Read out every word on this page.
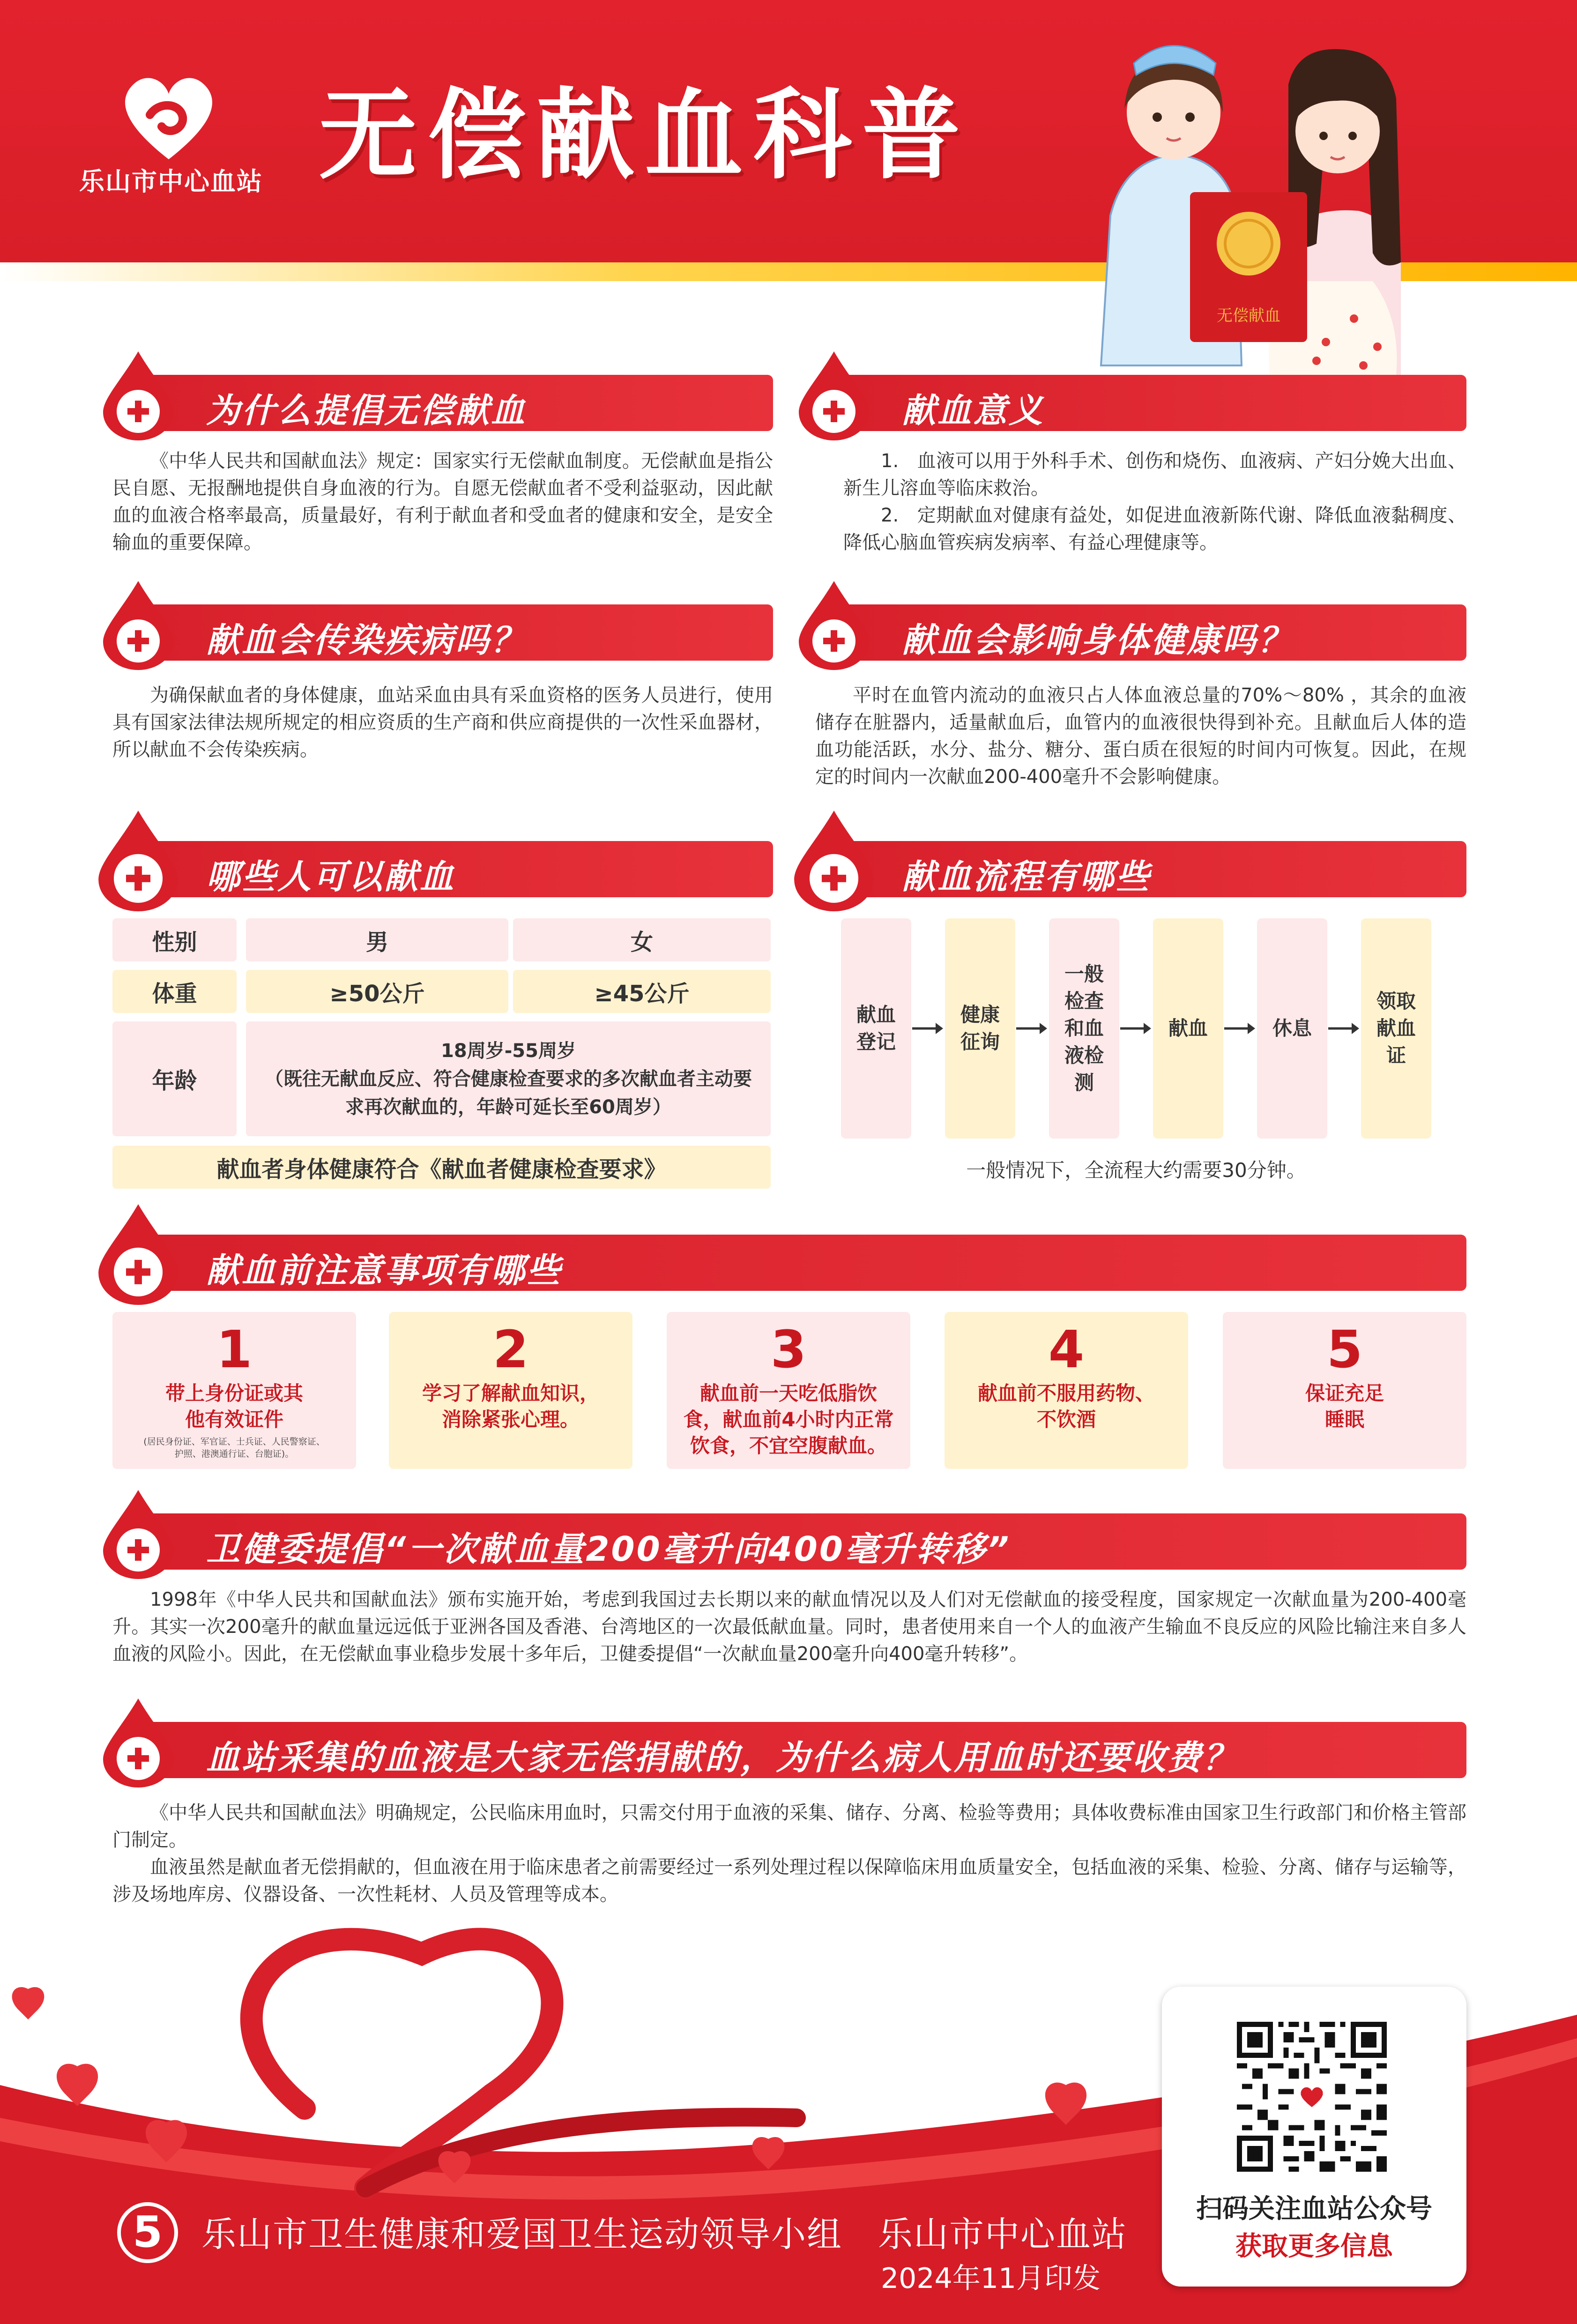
乐山市中心血站 无偿献血科普
无偿献血
为什么提倡无偿献血

《中华人民共和国献血法》规定：国家实行无偿献血制度。无偿献血是指公民自愿、无报酬地提供自身血液的行为。自愿无偿献血者不受利益驱动，因此献血的血液合格率最高，质量最好，有利于献血者和受血者的健康和安全，是安全输血的重要保障。

献血意义

1.   血液可以用于外科手术、创伤和烧伤、血液病、产妇分娩大出血、新生儿溶血等临床救治。

2.   定期献血对健康有益处，如促进血液新陈代谢、降低血液黏稠度、降低心脑血管疾病发病率、有益心理健康等。

献血会传染疾病吗？

为确保献血者的身体健康，血站采血由具有采血资格的医务人员进行，使用具有国家法律法规所规定的相应资质的生产商和供应商提供的一次性采血器材，所以献血不会传染疾病。

献血会影响身体健康吗？

平时在血管内流动的血液只占人体血液总量的70%～80% ，其余的血液储存在脏器内，适量献血后，血管内的血液很快得到补充。且献血后人体的造血功能活跃，水分、盐分、糖分、蛋白质在很短的时间内可恢复。因此，在规定的时间内一次献血200-400毫升不会影响健康。

哪些人可以献血
性别	男	女
体重	≥50公斤	≥45公斤
年龄
18周岁-55周岁
（既往无献血反应、符合健康检查要求的多次献血者主动要求再次献血的，年龄可延长至60周岁）
献血者身体健康符合《献血者健康检查要求》
献血流程有哪些
献血登记
健康征询
一般检查和血液检测
献血	休息
领取献血证
一般情况下，全流程大约需要30分钟。
献血前注意事项有哪些
1
带上身份证或其他有效证件
(居民身份证、军官证、士兵证、人民警察证、护照、港澳通行证、台胞证)。
2
学习了解献血知识，消除紧张心理。
3
献血前一天吃低脂饮食，献血前4小时内正常饮食，不宜空腹献血。
4
献血前不服用药物、不饮酒
5
保证充足睡眠
卫健委提倡“一次献血量200毫升向400毫升转移”

1998年《中华人民共和国献血法》颁布实施开始，考虑到我国过去长期以来的献血情况以及人们对无偿献血的接受程度，国家规定一次献血量为200-400毫升。其实一次200毫升的献血量远远低于亚洲各国及香港、台湾地区的一次最低献血量。同时，患者使用来自一个人的血液产生输血不良反应的风险比输注来自多人血液的风险小。因此，在无偿献血事业稳步发展十多年后，卫健委提倡“一次献血量200毫升向400毫升转移”。

血站采集的血液是大家无偿捐献的，为什么病人用血时还要收费？

《中华人民共和国献血法》明确规定，公民临床用血时，只需交付用于血液的采集、储存、分离、检验等费用；具体收费标准由国家卫生行政部门和价格主管部门制定。

血液虽然是献血者无偿捐献的，但血液在用于临床患者之前需要经过一系列处理过程以保障临床用血质量安全，包括血液的采集、检验、分离、储存与运输等，涉及场地库房、仪器设备、一次性耗材、人员及管理等成本。

5	乐山市卫生健康和爱国卫生运动领导小组　乐山市中心血站
2024年11月印发
扫码关注血站公众号
获取更多信息
